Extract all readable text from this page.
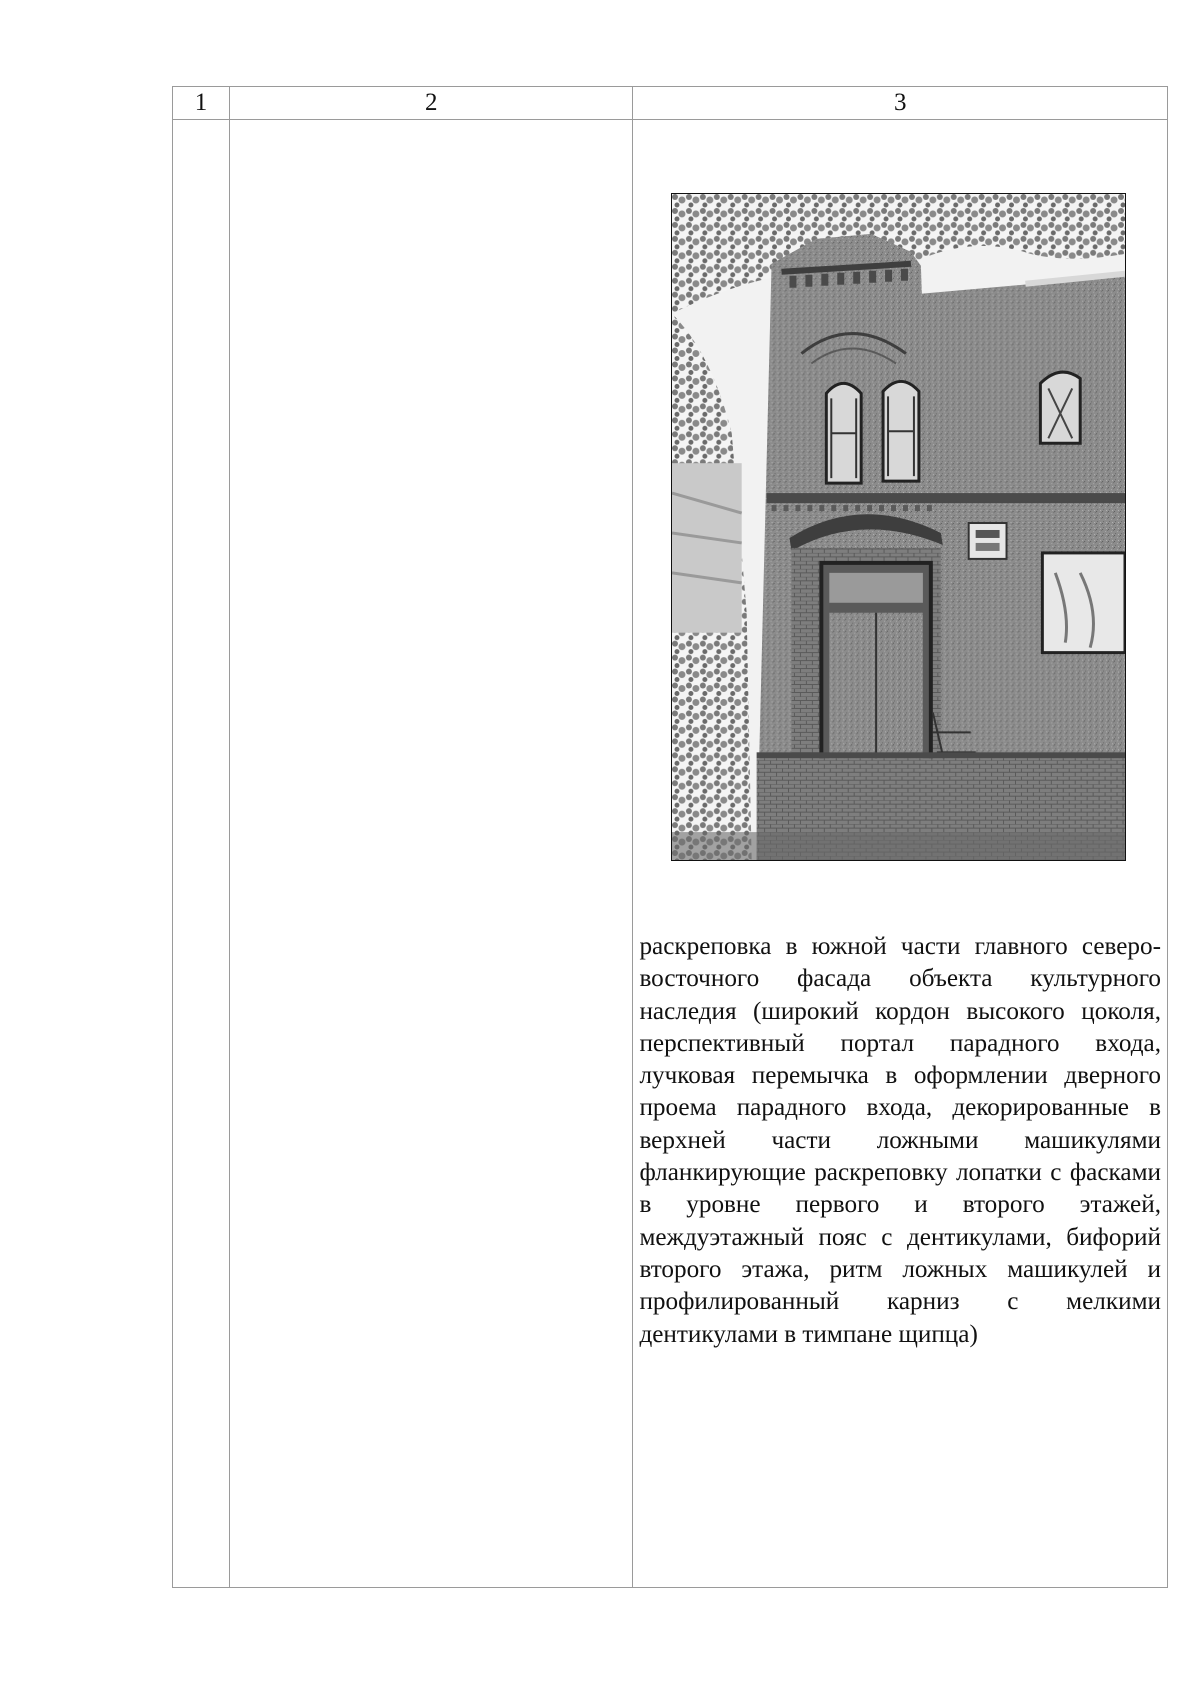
1	2	3

		раскреповка в южной части главного северо-восточного фасада объекта культурного наследия (широкий кордон высокого цоколя, перспективный портал парадного входа, лучковая перемычка в оформлении дверного проема парадного входа, декорированные в верхней части ложными машикулями фланкирующие раскреповку лопатки с фасками в уровне первого и второго этажей, междуэтажный пояс с дентикулами, бифорий второго этажа, ритм ложных машикулей и профилированный карниз с мелкими дентикулами в тимпане щипца)
